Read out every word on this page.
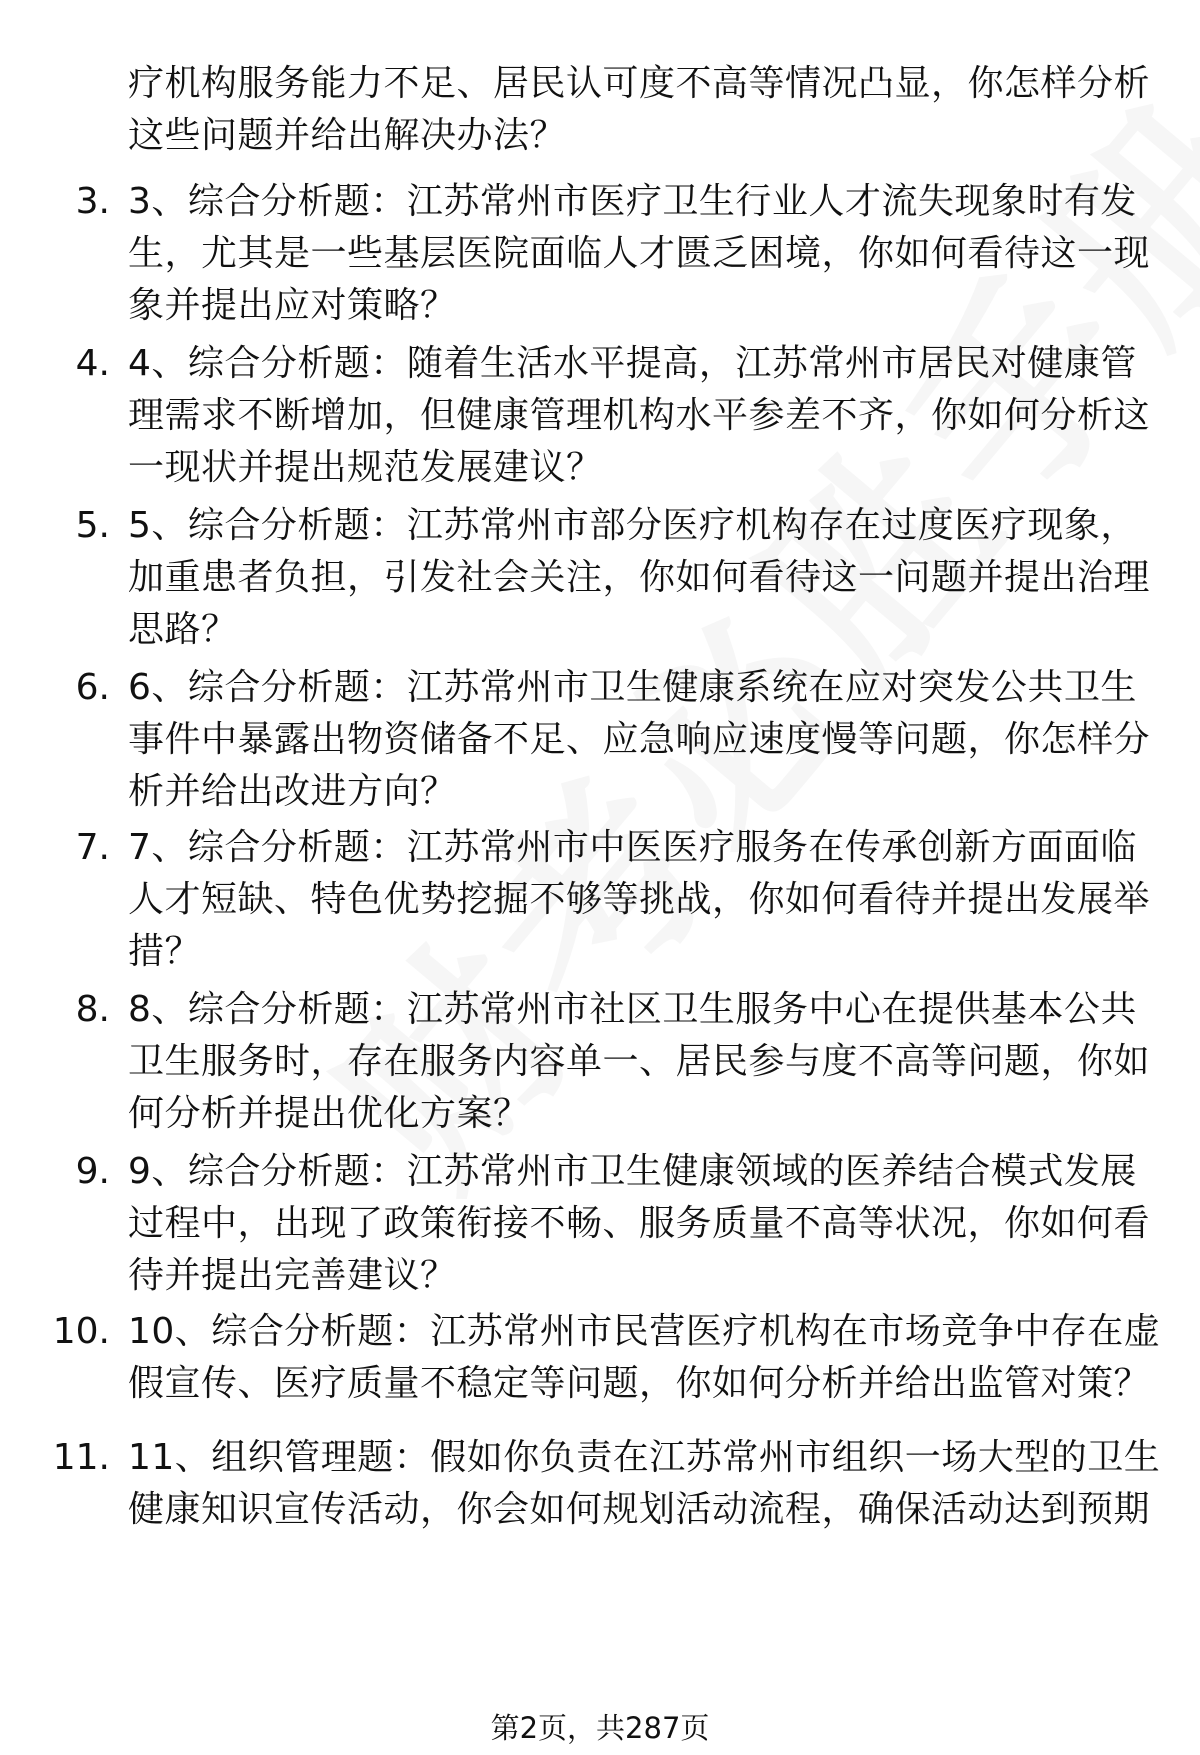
疗机构服务能力不足、居民认可度不高等情况凸显，你怎样分析这些问题并给出解决办法？
3. 3、综合分析题：江苏常州市医疗卫生行业人才流失现象时有发生，尤其是一些基层医院面临人才匮乏困境，你如何看待这一现象并提出应对策略？
4. 4、综合分析题：随着生活水平提高，江苏常州市居民对健康管理需求不断增加，但健康管理机构水平参差不齐，你如何分析这一现状并提出规范发展建议？
5. 5、综合分析题：江苏常州市部分医疗机构存在过度医疗现象，加重患者负担，引发社会关注，你如何看待这一问题并提出治理思路？
6. 6、综合分析题：江苏常州市卫生健康系统在应对突发公共卫生事件中暴露出物资储备不足、应急响应速度慢等问题，你怎样分析并给出改进方向？
7. 7、综合分析题：江苏常州市中医医疗服务在传承创新方面面临人才短缺、特色优势挖掘不够等挑战，你如何看待并提出发展举措？
8. 8、综合分析题：江苏常州市社区卫生服务中心在提供基本公共卫生服务时，存在服务内容单一、居民参与度不高等问题，你如何分析并提出优化方案？
9. 9、综合分析题：江苏常州市卫生健康领域的医养结合模式发展过程中，出现了政策衔接不畅、服务质量不高等状况，你如何看待并提出完善建议？
10. 10、综合分析题：江苏常州市民营医疗机构在市场竞争中存在虚假宣传、医疗质量不稳定等问题，你如何分析并给出监管对策？
11. 11、组织管理题：假如你负责在江苏常州市组织一场大型的卫生健康知识宣传活动，你会如何规划活动流程，确保活动达到预期
第2页，共287页
